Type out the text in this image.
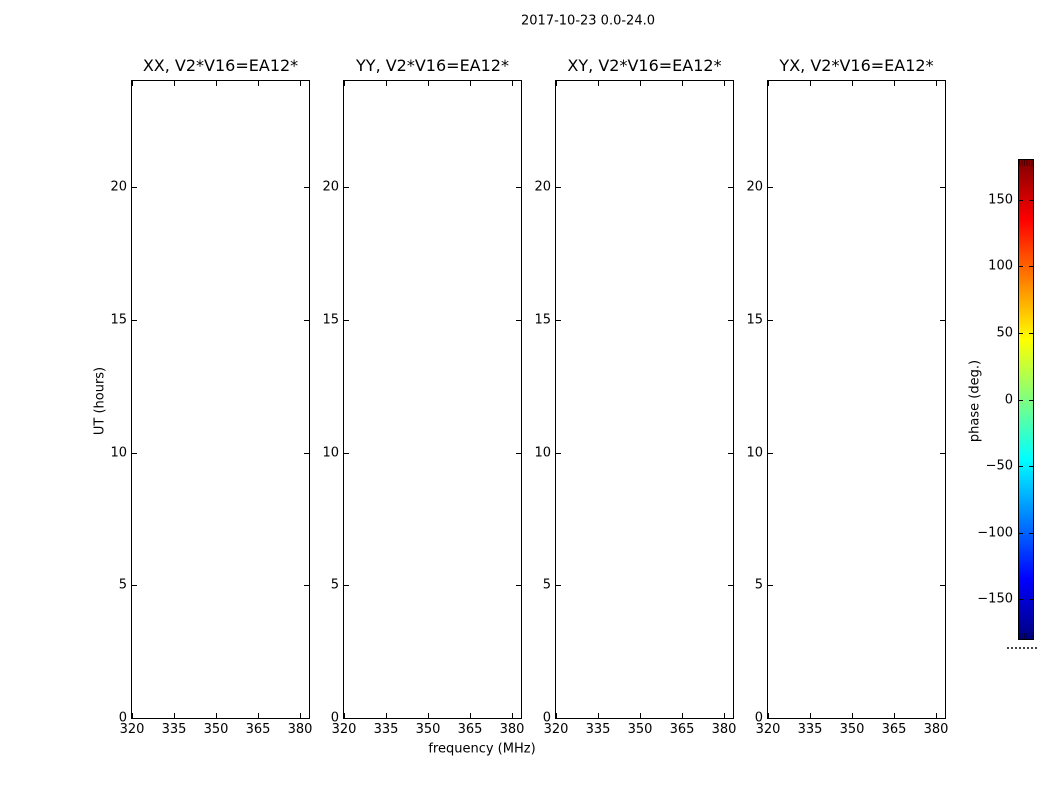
2017-10-23 0.0-24.0
XX, V2*V16=EA12*
320 335 350 365 380
0
5
10
15
20
YY, V2*V16=EA12*
320 335 350 365 380
0
5
10
15
20
XY, V2*V16=EA12*
320 335 350 365 380
0
5
10
15
20
YX, V2*V16=EA12*
320 335 350 365 380
0
5
10
15
20
UT (hours)
frequency (MHz)
150
100
50
0
−50
−100
−150
phase (deg.)
